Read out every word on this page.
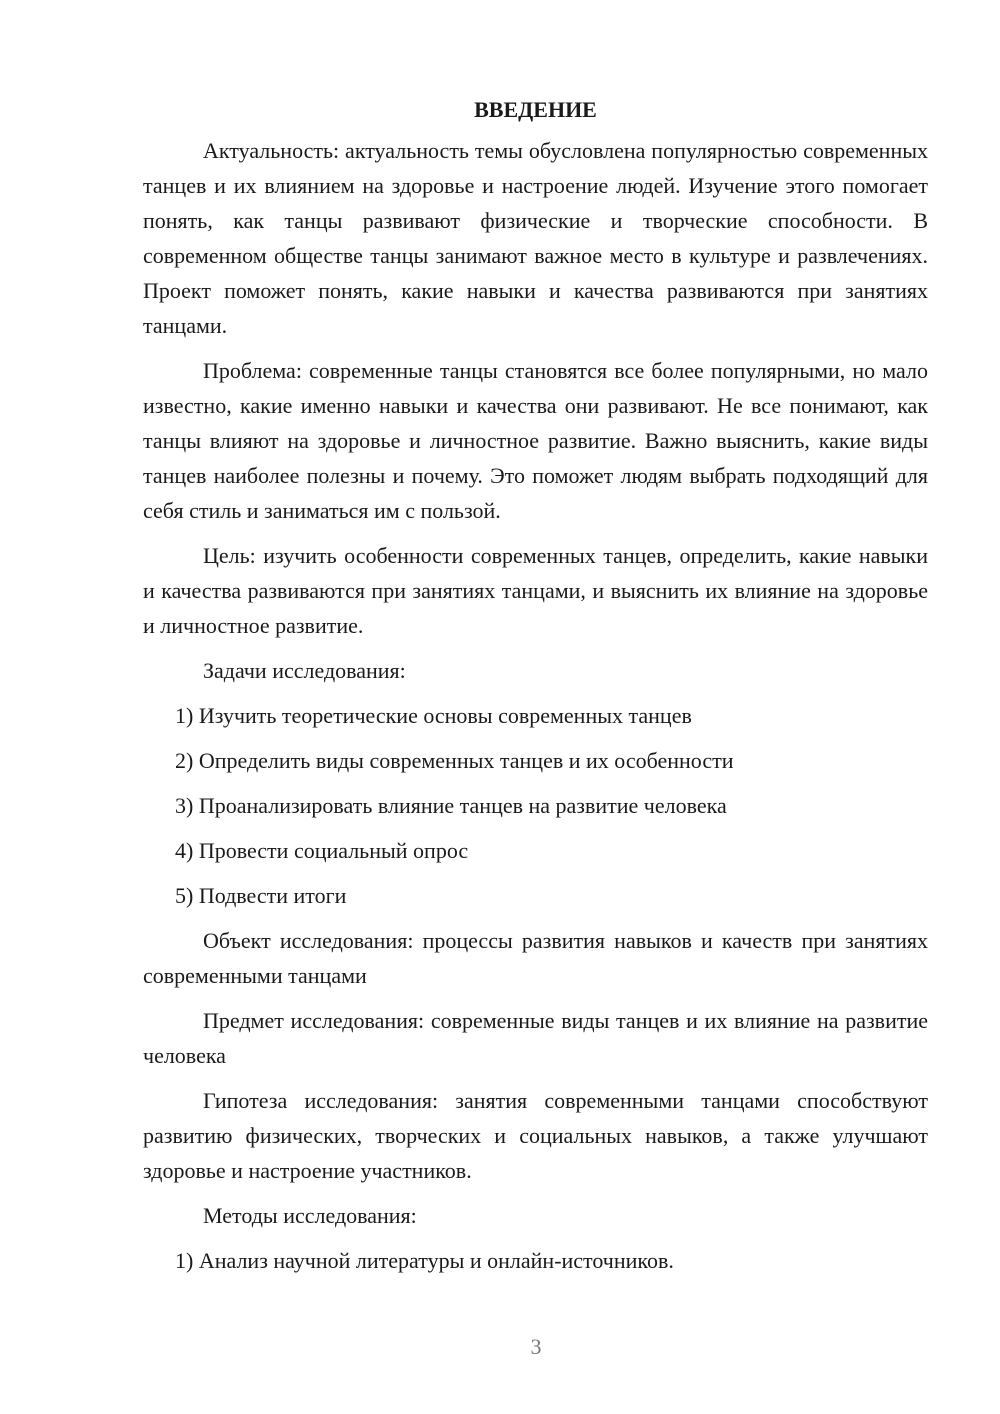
ВВЕДЕНИЕ

Актуальность: актуальность темы обусловлена популярностью современных танцев и их влиянием на здоровье и настроение людей. Изучение этого помогает понять, как танцы развивают физические и творческие способности. В современном обществе танцы занимают важное место в культуре и развлечениях. Проект поможет понять, какие навыки и качества развиваются при занятиях танцами.

Проблема: современные танцы становятся все более популярными, но мало известно, какие именно навыки и качества они развивают. Не все понимают, как танцы влияют на здоровье и личностное развитие. Важно выяснить, какие виды танцев наиболее полезны и почему. Это поможет людям выбрать подходящий для себя стиль и заниматься им с пользой.

Цель: изучить особенности современных танцев, определить, какие навыки и качества развиваются при занятиях танцами, и выяснить их влияние на здоровье и личностное развитие.

Задачи исследования:

1) Изучить теоретические основы современных танцев

2) Определить виды современных танцев и их особенности

3) Проанализировать влияние танцев на развитие человека

4) Провести социальный опрос

5) Подвести итоги

Объект исследования: процессы развития навыков и качеств при занятиях современными танцами

Предмет исследования: современные виды танцев и их влияние на развитие человека

Гипотеза исследования: занятия современными танцами способствуют развитию физических, творческих и социальных навыков, а также улучшают здоровье и настроение участников.

Методы исследования:

1) Анализ научной литературы и онлайн-источников.

3
